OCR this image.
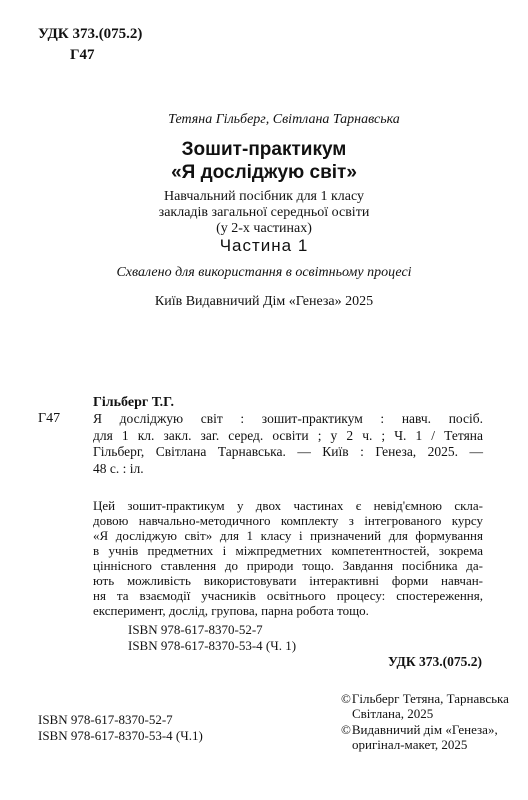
УДК 373.(075.2)
Г47
Тетяна Гільберг, Світлана Тарнавська
Зошит-практикум
«Я досліджую світ»
Навчальний посібник для 1 класу
закладів загальної середньої освіти
(у 2-х частинах)
Частина 1
Схвалено для використання в освітньому процесі
Київ Видавничий Дім «Генеза» 2025
Гільберг Т.Г.
Г47 Я досліджую світ : зошит-практикум : навч. посіб.
для 1 кл. закл. заг. серед. освіти ; у 2 ч. ; Ч. 1 / Тетяна
Гільберг, Світлана Тарнавська. — Київ : Генеза, 2025. —
48 с. : іл.
Цей зошит-практикум у двох частинах є невід'ємною скла-
довою навчально-методичного комплекту з інтегрованого курсу
«Я досліджую світ» для 1 класу і призначений для формування
в учнів предметних і міжпредметних компетентностей, зокрема
ціннісного ставлення до природи тощо. Завдання посібника да-
ють можливість використовувати інтерактивні форми навчан-
ня та взаємодії учасників освітнього процесу: спостереження,
експеримент, дослід, групова, парна робота тощо.
ISBN 978-617-8370-52-7
ISBN 978-617-8370-53-4 (Ч. 1)
УДК 373.(075.2)
©Гільберг Тетяна, Тарнавська
Світлана, 2025
©Видавничий дім «Генеза»,
оригінал-макет, 2025
ISBN 978-617-8370-52-7
ISBN 978-617-8370-53-4 (Ч.1)
